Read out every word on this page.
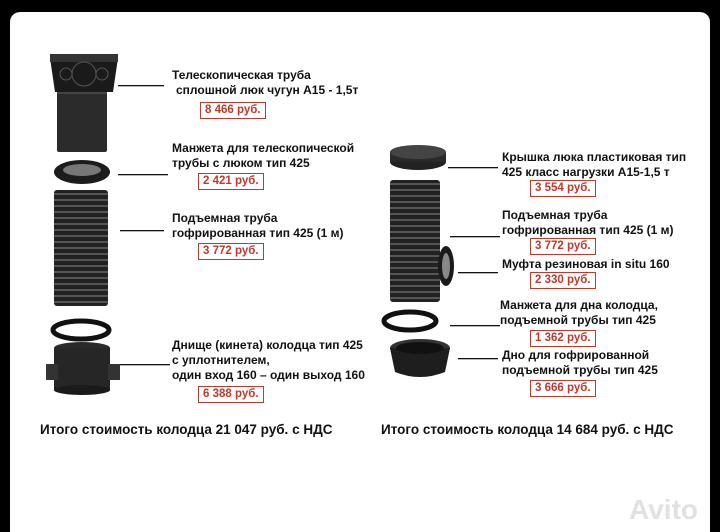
Телескопическая труба
сплошной люк чугун А15 - 1,5т
8 466 руб.
Манжета для телескопической
трубы с люком тип 425
2 421 руб.
Подъемная труба
гофрированная тип 425 (1 м)
3 772 руб.
Днище (кинета) колодца тип 425
с уплотнителем,
один вход 160 – один выход 160
6 388 руб.
Крышка люка пластиковая тип
425 класс нагрузки А15-1,5 т
3 554 руб.
Подъемная труба
гофрированная тип 425 (1 м)
3 772 руб.
Муфта резиновая in situ 160
2 330 руб.
Манжета для дна колодца,
подъемной трубы тип 425
1 362 руб.
Дно для гофрированной
подъемной трубы тип 425
3 666 руб.
Итого стоимость колодца 21 047 руб. с НДС	Итого стоимость колодца 14 684 руб. с НДС
Avito
